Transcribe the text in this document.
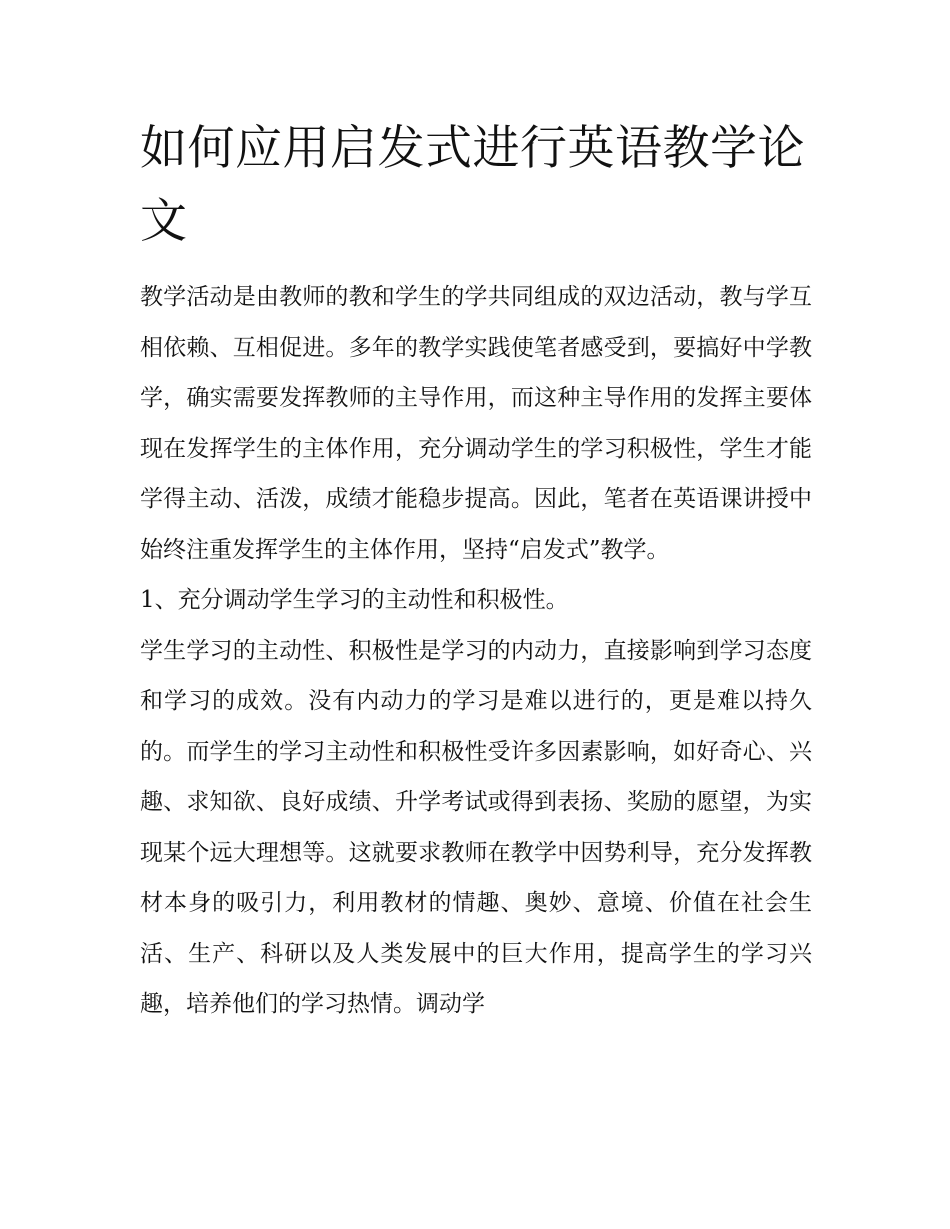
如何应用启发式进行英语教学论文

教学活动是由教师的教和学生的学共同组成的双边活动，教与学互相依赖、互相促进。多年的教学实践使笔者感受到，要搞好中学教学，确实需要发挥教师的主导作用，而这种主导作用的发挥主要体现在发挥学生的主体作用，充分调动学生的学习积极性，学生才能学得主动、活泼，成绩才能稳步提高。因此，笔者在英语课讲授中始终注重发挥学生的主体作用，坚持“启发式”教学。

1、充分调动学生学习的主动性和积极性。

学生学习的主动性、积极性是学习的内动力，直接影响到学习态度和学习的成效。没有内动力的学习是难以进行的，更是难以持久的。而学生的学习主动性和积极性受许多因素影响，如好奇心、兴趣、求知欲、良好成绩、升学考试或得到表扬、奖励的愿望，为实现某个远大理想等。这就要求教师在教学中因势利导，充分发挥教材本身的吸引力，利用教材的情趣、奥妙、意境、价值在社会生活、生产、科研以及人类发展中的巨大作用，提高学生的学习兴趣，培养他们的学习热情。调动学
